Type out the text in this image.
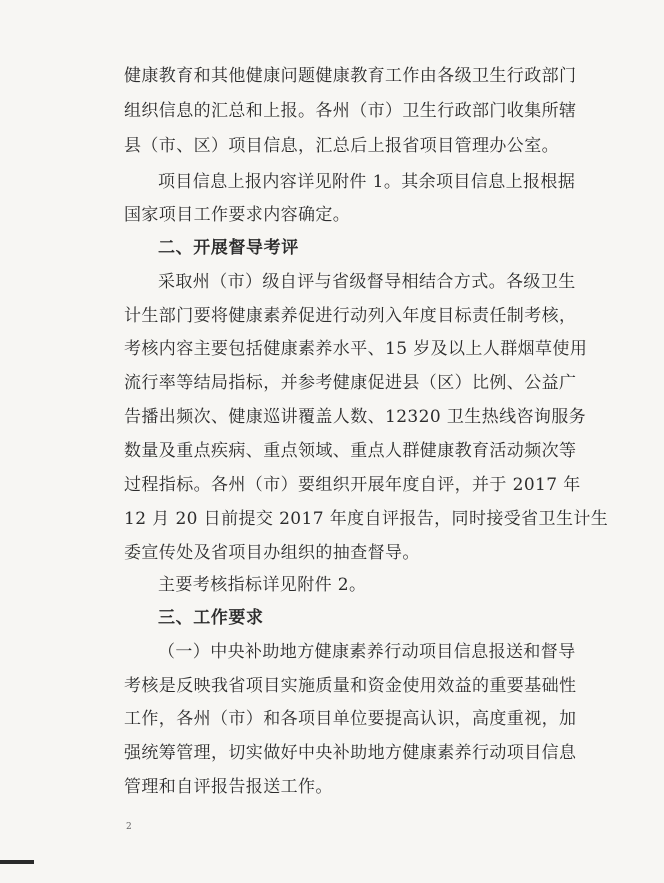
健康教育和其他健康问题健康教育工作由各级卫生行政部门
组织信息的汇总和上报。各州（市）卫生行政部门收集所辖
县（市、区）项目信息，汇总后上报省项目管理办公室。
项目信息上报内容详见附件 1。其余项目信息上报根据
国家项目工作要求内容确定。
二、开展督导考评
采取州（市）级自评与省级督导相结合方式。各级卫生
计生部门要将健康素养促进行动列入年度目标责任制考核，
考核内容主要包括健康素养水平、15 岁及以上人群烟草使用
流行率等结局指标，并参考健康促进县（区）比例、公益广
告播出频次、健康巡讲覆盖人数、12320 卫生热线咨询服务
数量及重点疾病、重点领域、重点人群健康教育活动频次等
过程指标。各州（市）要组织开展年度自评，并于 2017 年
12 月 20 日前提交 2017 年度自评报告，同时接受省卫生计生
委宣传处及省项目办组织的抽查督导。
主要考核指标详见附件 2。
三、工作要求
（一）中央补助地方健康素养行动项目信息报送和督导
考核是反映我省项目实施质量和资金使用效益的重要基础性
工作，各州（市）和各项目单位要提高认识，高度重视，加
强统筹管理，切实做好中央补助地方健康素养行动项目信息
管理和自评报告报送工作。
2
